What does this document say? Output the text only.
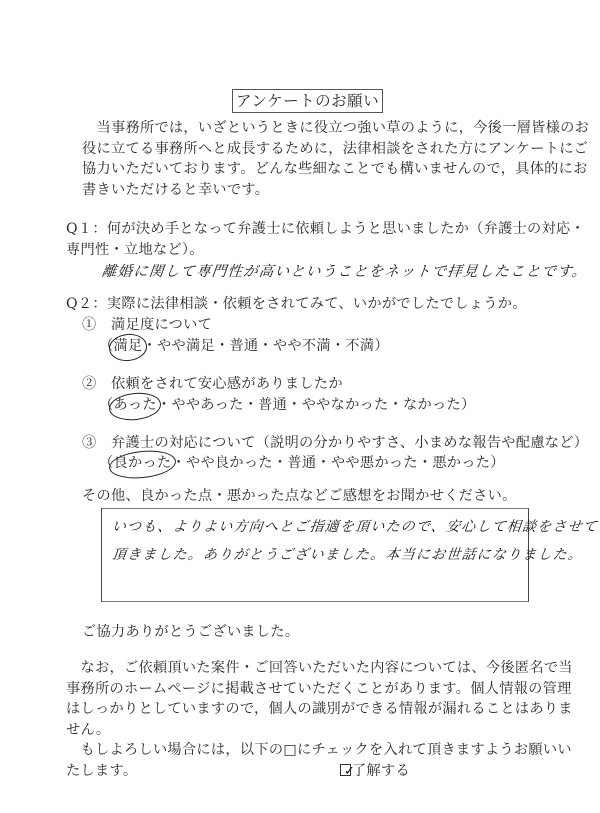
アンケートのお願い
　当事務所では，いざというときに役立つ強い草のように，今後一層皆様のお
役に立てる事務所へと成長するために，法律相談をされた方にアンケートにご
協力いただいております。どんな些細なことでも構いませんので，具体的にお
書きいただけると幸いです。
Q１：何が決め手となって弁護士に依頼しようと思いましたか（弁護士の対応・
専門性・立地など）。
離婚に関して専門性が高いということをネットで拝見したことです。
Q２：実際に法律相談・依頼をされてみて、いかがでしたでしょうか。
①　 満足度について
（満足・やや満足・普通・やや不満・不満）
②　 依頼をされて安心感がありましたか
（あった・ややあった・普通・ややなかった・なかった）
③　 弁護士の対応について（説明の分かりやすさ、小まめな報告や配慮など）
（良かった・やや良かった・普通・やや悪かった・悪かった）
その他、良かった点・悪かった点などご感想をお聞かせください。
いつも、よりよい方向へとご指適を頂いたので、安心して相談をさせて
頂きました。ありがとうございました。本当にお世話になりました。
ご協力ありがとうございました。
　なお，ご依頼頂いた案件・ご回答いただいた内容については、今後匿名で当
事務所のホームページに掲載させていただくことがあります。個人情報の管理
はしっかりとしていますので，個人の識別ができる情報が漏れることはありま
せん。
　もしよろしい場合には，以下の□にチェックを入れて頂きますようお願いい
たします。	✓
了解する
